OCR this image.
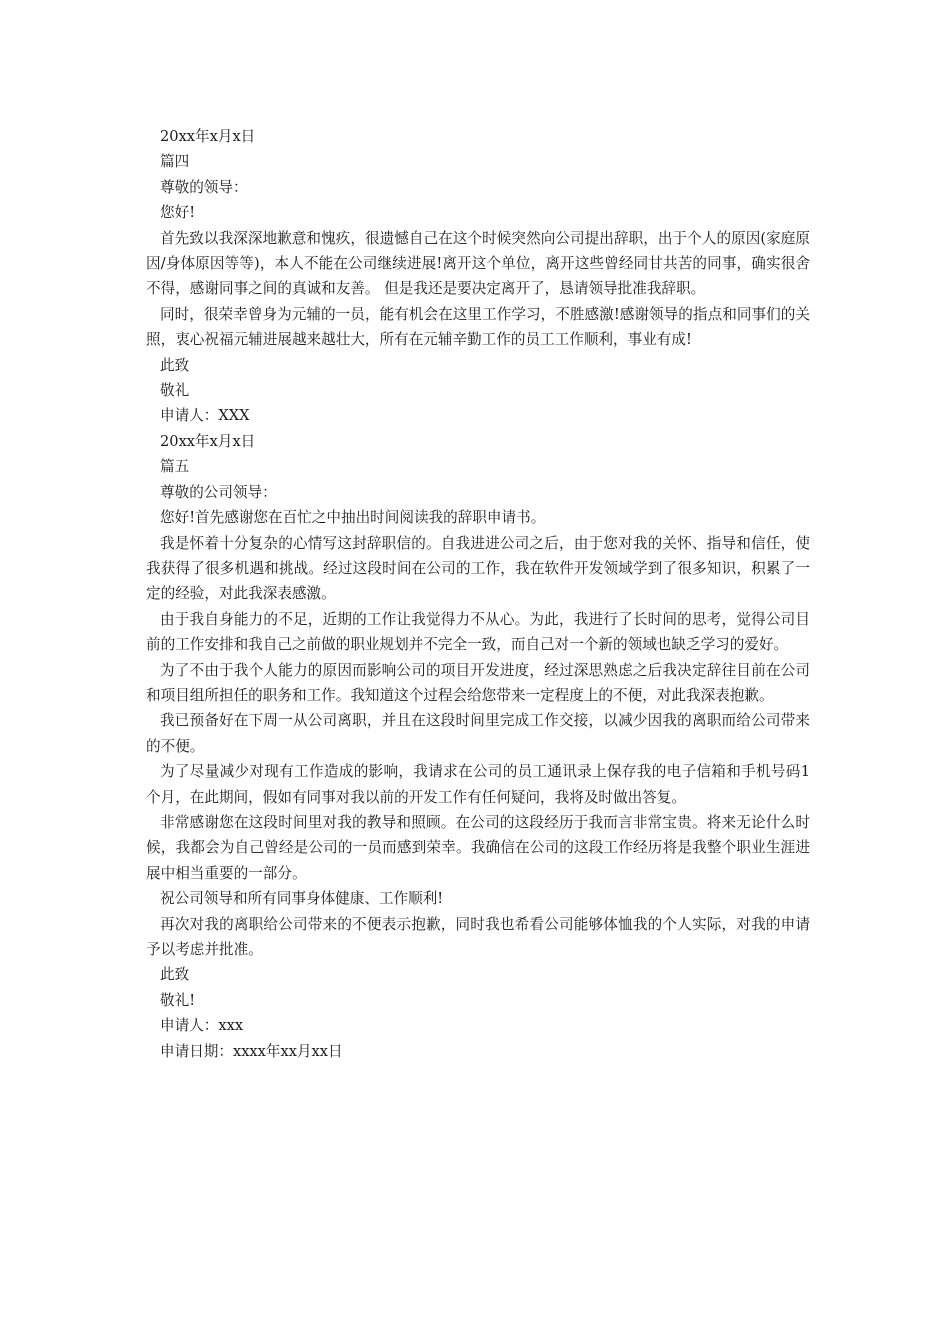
20xx年x月x日

篇四

尊敬的领导：

您好!

首先致以我深深地歉意和愧疚，很遗憾自己在这个时候突然向公司提出辞职，出于个人的原因(家庭原因/身体原因等等)，本人不能在公司继续进展!离开这个单位，离开这些曾经同甘共苦的同事，确实很舍不得，感谢同事之间的真诚和友善。 但是我还是要决定离开了，恳请领导批准我辞职。

同时，很荣幸曾身为元辅的一员，能有机会在这里工作学习，不胜感激!感谢领导的指点和同事们的关照，衷心祝福元辅进展越来越壮大，所有在元辅辛勤工作的员工工作顺利，事业有成!

此致

敬礼

申请人：XXX

20xx年x月x日

篇五

尊敬的公司领导：

您好!首先感谢您在百忙之中抽出时间阅读我的辞职申请书。

我是怀着十分复杂的心情写这封辞职信的。自我进进公司之后，由于您对我的关怀、指导和信任，使我获得了很多机遇和挑战。经过这段时间在公司的工作，我在软件开发领域学到了很多知识，积累了一定的经验，对此我深表感激。

由于我自身能力的不足，近期的工作让我觉得力不从心。为此，我进行了长时间的思考，觉得公司目前的工作安排和我自己之前做的职业规划并不完全一致，而自己对一个新的领域也缺乏学习的爱好。

为了不由于我个人能力的原因而影响公司的项目开发进度，经过深思熟虑之后我决定辞往目前在公司和项目组所担任的职务和工作。我知道这个过程会给您带来一定程度上的不便，对此我深表抱歉。

我已预备好在下周一从公司离职，并且在这段时间里完成工作交接，以减少因我的离职而给公司带来的不便。

为了尽量减少对现有工作造成的影响，我请求在公司的员工通讯录上保存我的电子信箱和手机号码1个月，在此期间，假如有同事对我以前的开发工作有任何疑问，我将及时做出答复。

非常感谢您在这段时间里对我的教导和照顾。在公司的这段经历于我而言非常宝贵。将来无论什么时候，我都会为自己曾经是公司的一员而感到荣幸。我确信在公司的这段工作经历将是我整个职业生涯进展中相当重要的一部分。

祝公司领导和所有同事身体健康、工作顺利!

再次对我的离职给公司带来的不便表示抱歉，同时我也希看公司能够体恤我的个人实际，对我的申请予以考虑并批准。

此致

敬礼!

申请人：xxx

申请日期：xxxx年xx月xx日
